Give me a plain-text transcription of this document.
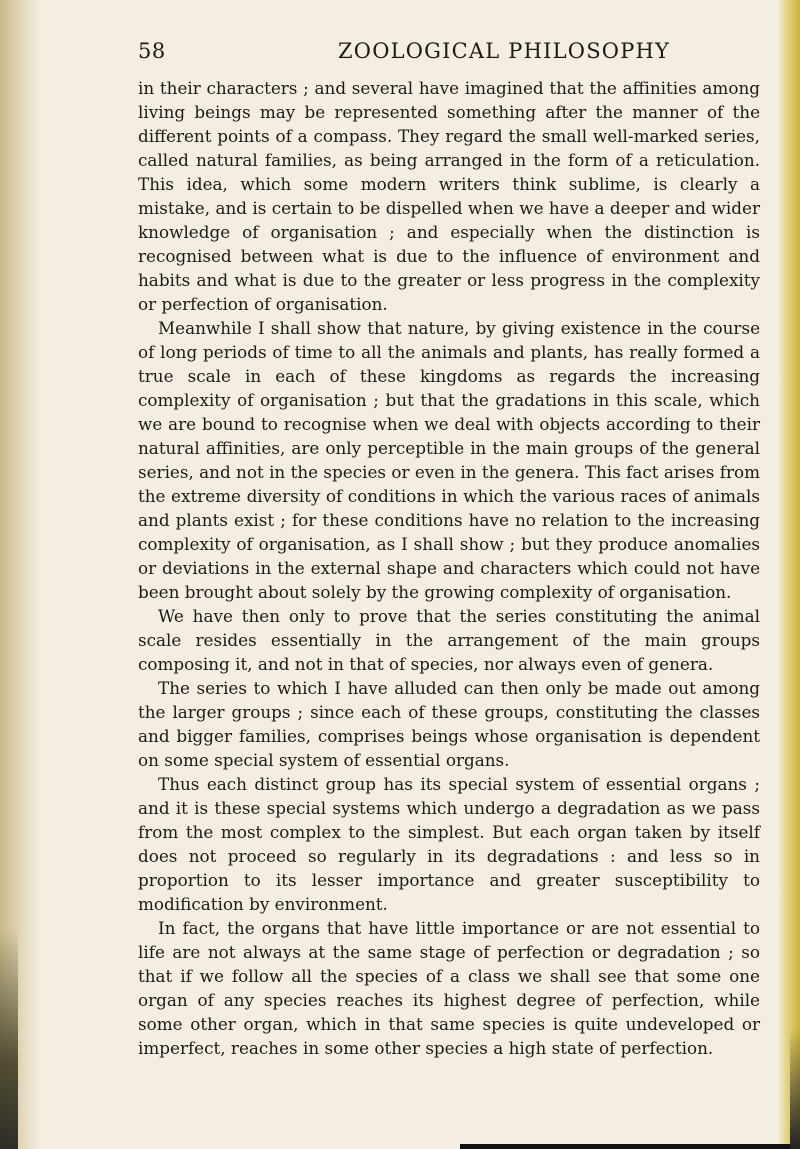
58	ZOOLOGICAL PHILOSOPHY

in their characters ; and several have imagined that the affinities among living beings may be represented something after the manner of the different points of a compass. They regard the small well-marked series, called natural families, as being arranged in the form of a reticulation. This idea, which some modern writers think sublime, is clearly a mistake, and is certain to be dispelled when we have a deeper and wider knowledge of organisation ; and especially when the distinction is recognised between what is due to the influence of environment and habits and what is due to the greater or less progress in the complexity or perfection of organisation.

Meanwhile I shall show that nature, by giving existence in the course of long periods of time to all the animals and plants, has really formed a true scale in each of these kingdoms as regards the increasing complexity of organisation ; but that the gradations in this scale, which we are bound to recognise when we deal with objects according to their natural affinities, are only perceptible in the main groups of the general series, and not in the species or even in the genera. This fact arises from the extreme diversity of conditions in which the various races of animals and plants exist ; for these conditions have no relation to the increasing complexity of organisation, as I shall show ; but they produce anomalies or deviations in the external shape and characters which could not have been brought about solely by the growing complexity of organisation.

We have then only to prove that the series constituting the animal scale resides essentially in the arrangement of the main groups composing it, and not in that of species, nor always even of genera.

The series to which I have alluded can then only be made out among the larger groups ; since each of these groups, constituting the classes and bigger families, comprises beings whose organisation is dependent on some special system of essential organs.

Thus each distinct group has its special system of essential organs ; and it is these special systems which undergo a degradation as we pass from the most complex to the simplest. But each organ taken by itself does not proceed so regularly in its degradations : and less so in proportion to its lesser importance and greater susceptibility to modification by environment.

In fact, the organs that have little importance or are not essential to life are not always at the same stage of perfection or degradation ; so that if we follow all the species of a class we shall see that some one organ of any species reaches its highest degree of perfection, while some other organ, which in that same species is quite undeveloped or imperfect, reaches in some other species a high state of perfection.
